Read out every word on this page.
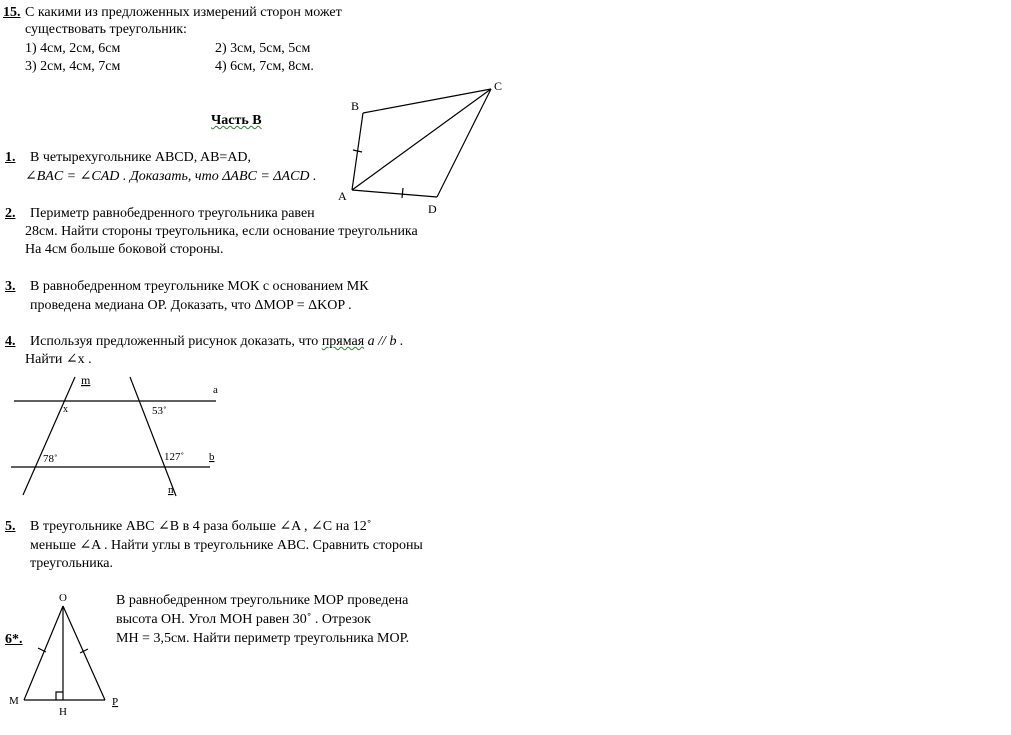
15. С какими из предложенных измерений сторон может
существовать треугольник:
1) 4см, 2см, 6см	2) 3см, 5см, 5см
3) 2см, 4см, 7см	4) 6см, 7см, 8см.
Часть В
1. В четырехугольнике ABCD, AB=AD,
∠BAC = ∠CAD . Доказать, что ΔABC = ΔACD .
2. Периметр равнобедренного треугольника равен
28см. Найти стороны треугольника, если основание треугольника
На 4см больше боковой стороны.
3. В равнобедренном треугольнике МОК с основанием МК
проведена медиана ОР. Доказать, что ΔMOP = ΔKOP .
4. Используя предложенный рисунок доказать, что прямая a // b .
Найти ∠x .
5. В треугольнике ABC ∠B в 4 раза больше ∠A , ∠C на 12˚
меньше ∠A . Найти углы в треугольнике ABC. Сравнить стороны
треугольника.
6*.
В равнобедренном треугольнике МОР проведена
высота ОН. Угол МОН равен 30˚ . Отрезок
МН = 3,5см. Найти периметр треугольника МОР.
A
B
C
D
m
a
b
n
x	53˚
78˚	127˚
O
M
H
P
